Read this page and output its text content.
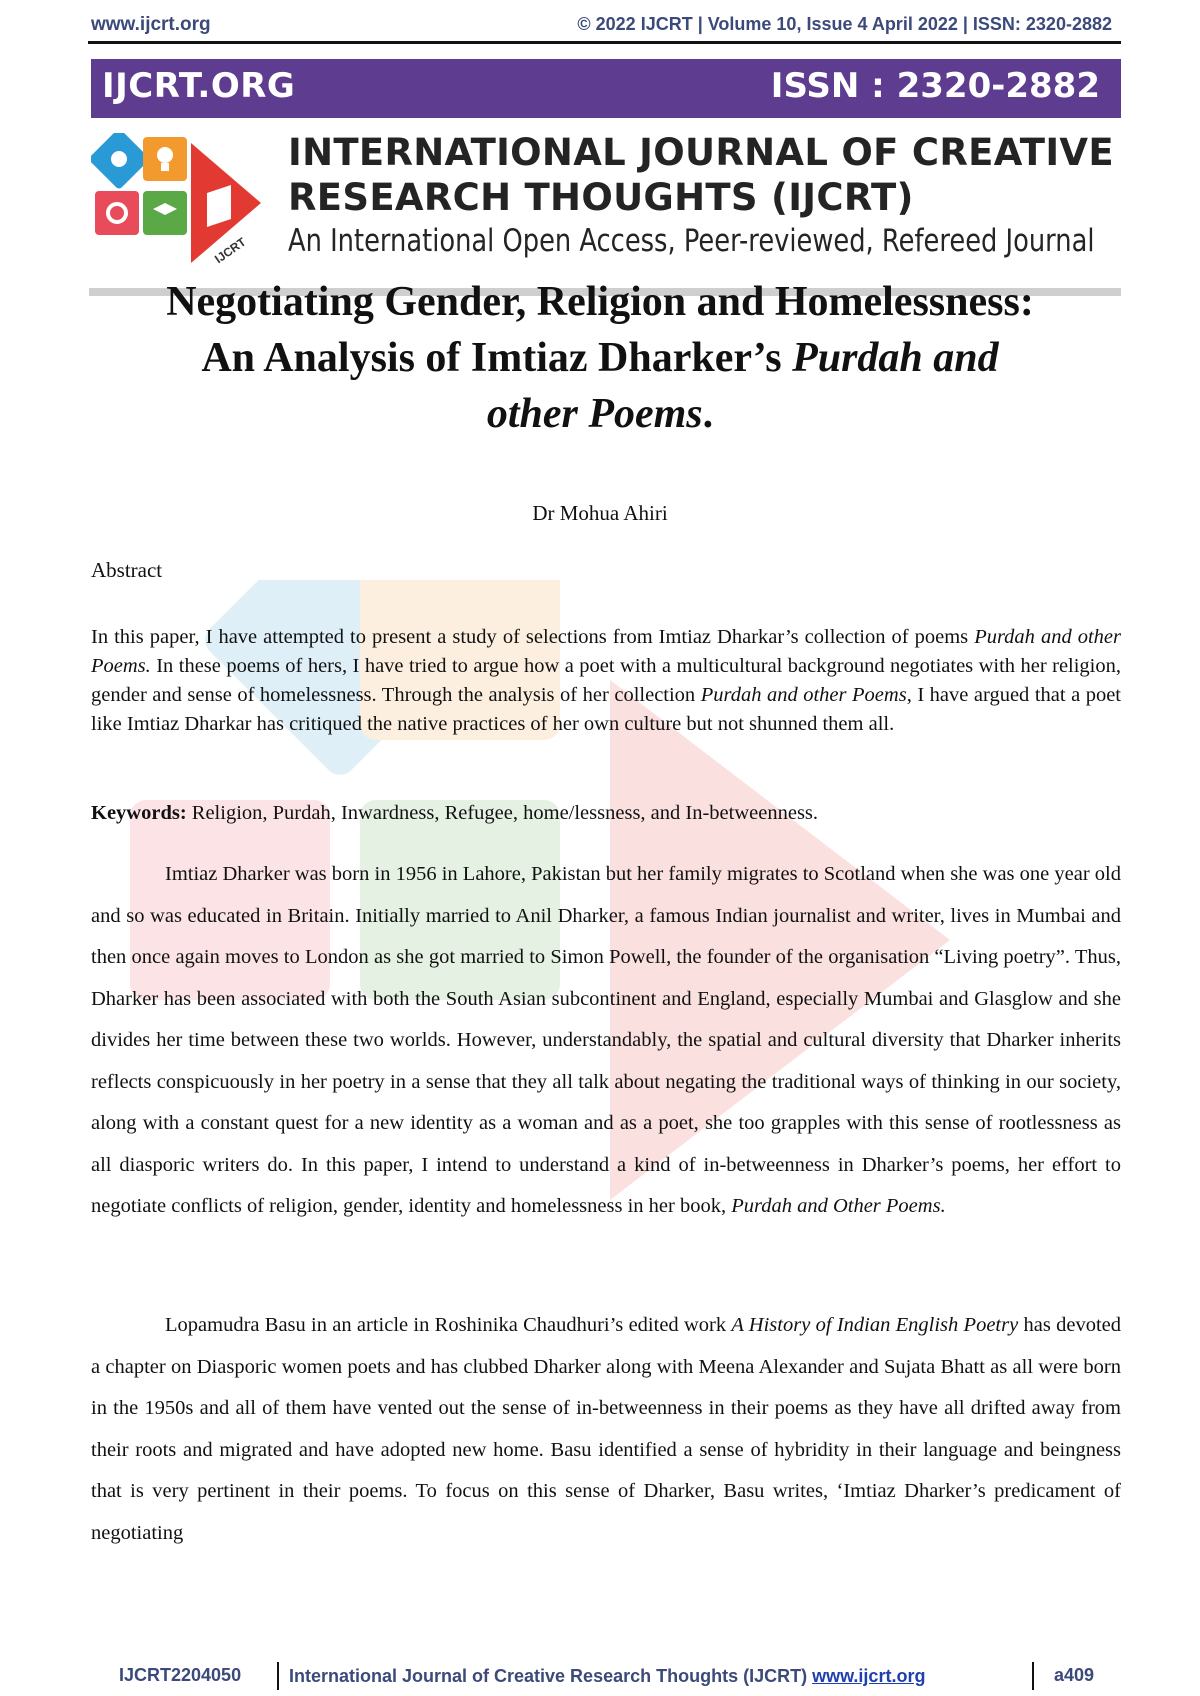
www.ijcrt.org	© 2022 IJCRT | Volume 10, Issue 4 April 2022 | ISSN: 2320-2882
IJCRT.ORG	ISSN : 2320-2882
IJCRT
INTERNATIONAL JOURNAL OF CREATIVE
RESEARCH THOUGHTS (IJCRT)
An International Open Access, Peer-reviewed, Refereed Journal
Negotiating Gender, Religion and Homelessness:
An Analysis of Imtiaz Dharker’s Purdah and
other Poems.
Dr Mohua Ahiri
Abstract
In this paper, I have attempted to present a study of selections from Imtiaz Dharkar’s collection of poems Purdah and other Poems. In these poems of hers, I have tried to argue how a poet with a multicultural background negotiates with her religion, gender and sense of homelessness. Through the analysis of her collection Purdah and other Poems, I have argued that a poet like Imtiaz Dharkar has critiqued the native practices of her own culture but not shunned them all.
Keywords: Religion, Purdah, Inwardness, Refugee, home/lessness, and In-betweenness.

Imtiaz Dharker was born in 1956 in Lahore, Pakistan but her family migrates to Scotland when she was one year old and so was educated in Britain. Initially married to Anil Dharker, a famous Indian journalist and writer, lives in Mumbai and then once again moves to London as she got married to Simon Powell, the founder of the organisation “Living poetry”. Thus, Dharker has been associated with both the South Asian subcontinent and England, especially Mumbai and Glasglow and she divides her time between these two worlds. However, understandably, the spatial and cultural diversity that Dharker inherits reflects conspicuously in her poetry in a sense that they all talk about negating the traditional ways of thinking in our society, along with a constant quest for a new identity as a woman and as a poet, she too grapples with this sense of rootlessness as all diasporic writers do. In this paper, I intend to understand a kind of in-betweenness in Dharker’s poems, her effort to negotiate conflicts of religion, gender, identity and homelessness in her book, Purdah and Other Poems.

Lopamudra Basu in an article in Roshinika Chaudhuri’s edited work A History of Indian English Poetry has devoted a chapter on Diasporic women poets and has clubbed Dharker along with Meena Alexander and Sujata Bhatt as all were born in the 1950s and all of them have vented out the sense of in-betweenness in their poems as they have all drifted away from their roots and migrated and have adopted new home. Basu identified a sense of hybridity in their language and beingness that is very pertinent in their poems. To focus on this sense of Dharker, Basu writes, ‘Imtiaz Dharker’s predicament of negotiating

IJCRT2204050	International Journal of Creative Research Thoughts (IJCRT) www.ijcrt.org	a409
